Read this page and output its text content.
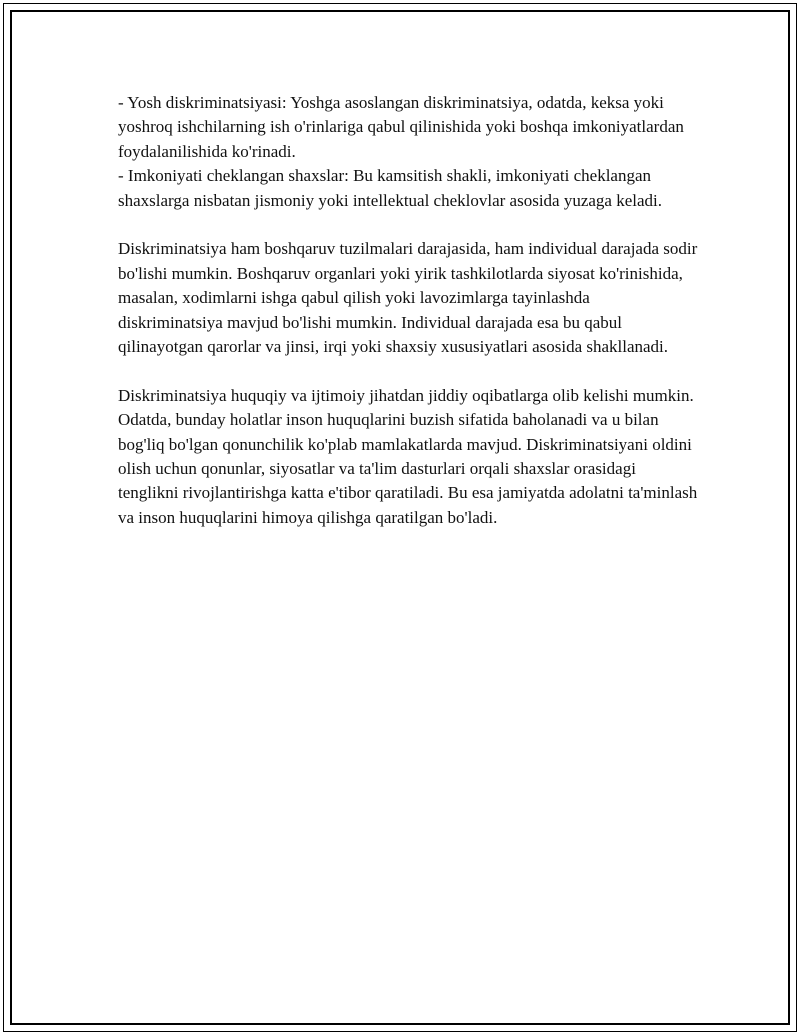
- Yosh diskriminatsiyasi: Yoshga asoslangan diskriminatsiya, odatda, keksa yoki yoshroq ishchilarning ish o'rinlariga qabul qilinishida yoki boshqa imkoniyatlardan foydalanilishida ko'rinadi.

- Imkoniyati cheklangan shaxslar: Bu kamsitish shakli, imkoniyati cheklangan shaxslarga nisbatan jismoniy yoki intellektual cheklovlar asosida yuzaga keladi.

Diskriminatsiya ham boshqaruv tuzilmalari darajasida, ham individual darajada sodir bo'lishi mumkin. Boshqaruv organlari yoki yirik tashkilotlarda siyosat ko'rinishida, masalan, xodimlarni ishga qabul qilish yoki lavozimlarga tayinlashda diskriminatsiya mavjud bo'lishi mumkin. Individual darajada esa bu qabul qilinayotgan qarorlar va jinsi, irqi yoki shaxsiy xususiyatlari asosida shakllanadi.

Diskriminatsiya huquqiy va ijtimoiy jihatdan jiddiy oqibatlarga olib kelishi mumkin. Odatda, bunday holatlar inson huquqlarini buzish sifatida baholanadi va u bilan bog'liq bo'lgan qonunchilik ko'plab mamlakatlarda mavjud. Diskriminatsiyani oldini olish uchun qonunlar, siyosatlar va ta'lim dasturlari orqali shaxslar orasidagi tenglikni rivojlantirishga katta e'tibor qaratiladi. Bu esa jamiyatda adolatni ta'minlash va inson huquqlarini himoya qilishga qaratilgan bo'ladi.
